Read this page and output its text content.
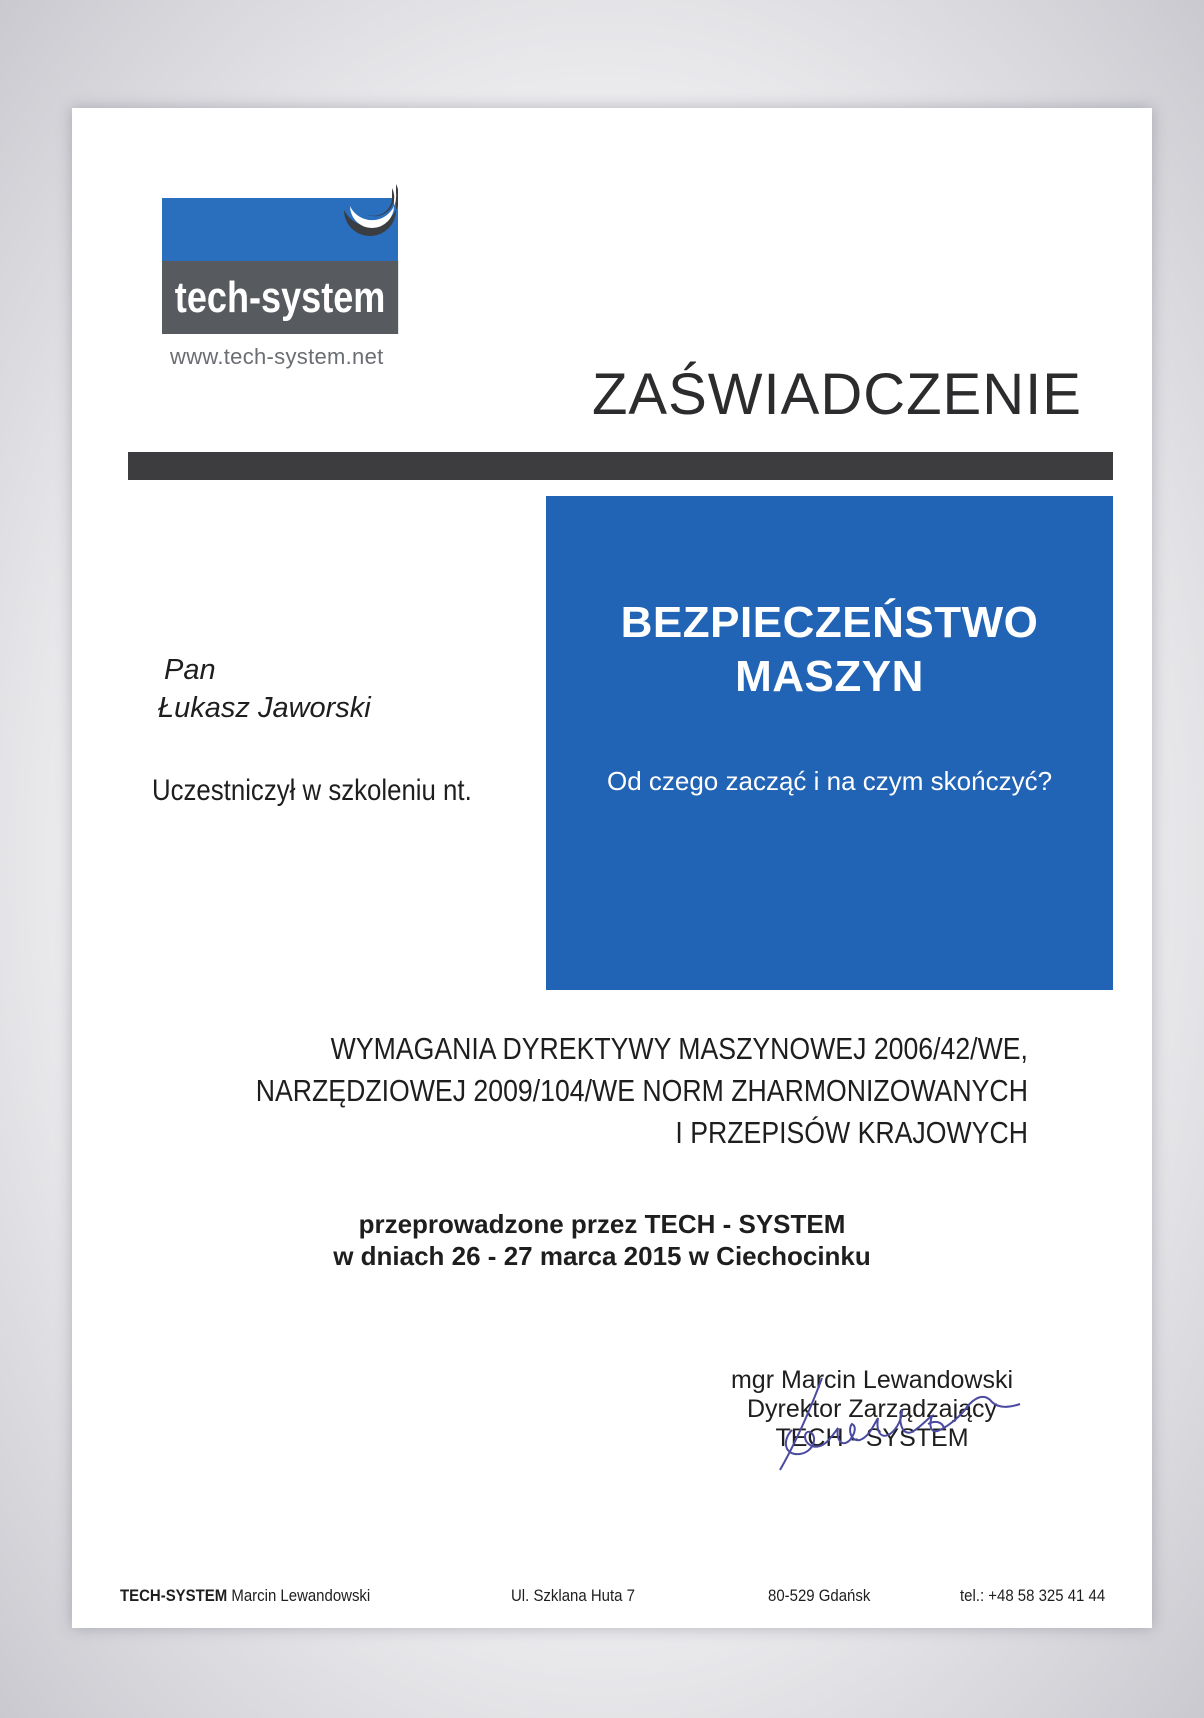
tech-system
www.tech-system.net
ZAŚWIADCZENIE
BEZPIECZEŃSTWO
MASZYN
Od czego zacząć i na czym skończyć?
Pan
Łukasz Jaworski
Uczestniczył w szkoleniu nt.
WYMAGANIA DYREKTYWY MASZYNOWEJ 2006/42/WE,
NARZĘDZIOWEJ 2009/104/WE NORM ZHARMONIZOWANYCH
I PRZEPISÓW KRAJOWYCH
przeprowadzone przez TECH - SYSTEM
w dniach 26 - 27 marca 2015 w Ciechocinku
mgr Marcin Lewandowski
Dyrektor Zarządzający
TECH - SYSTEM
TECH-SYSTEM Marcin Lewandowski	Ul. Szklana Huta 7	80-529 Gdańsk	tel.: +48 58 325 41 44
